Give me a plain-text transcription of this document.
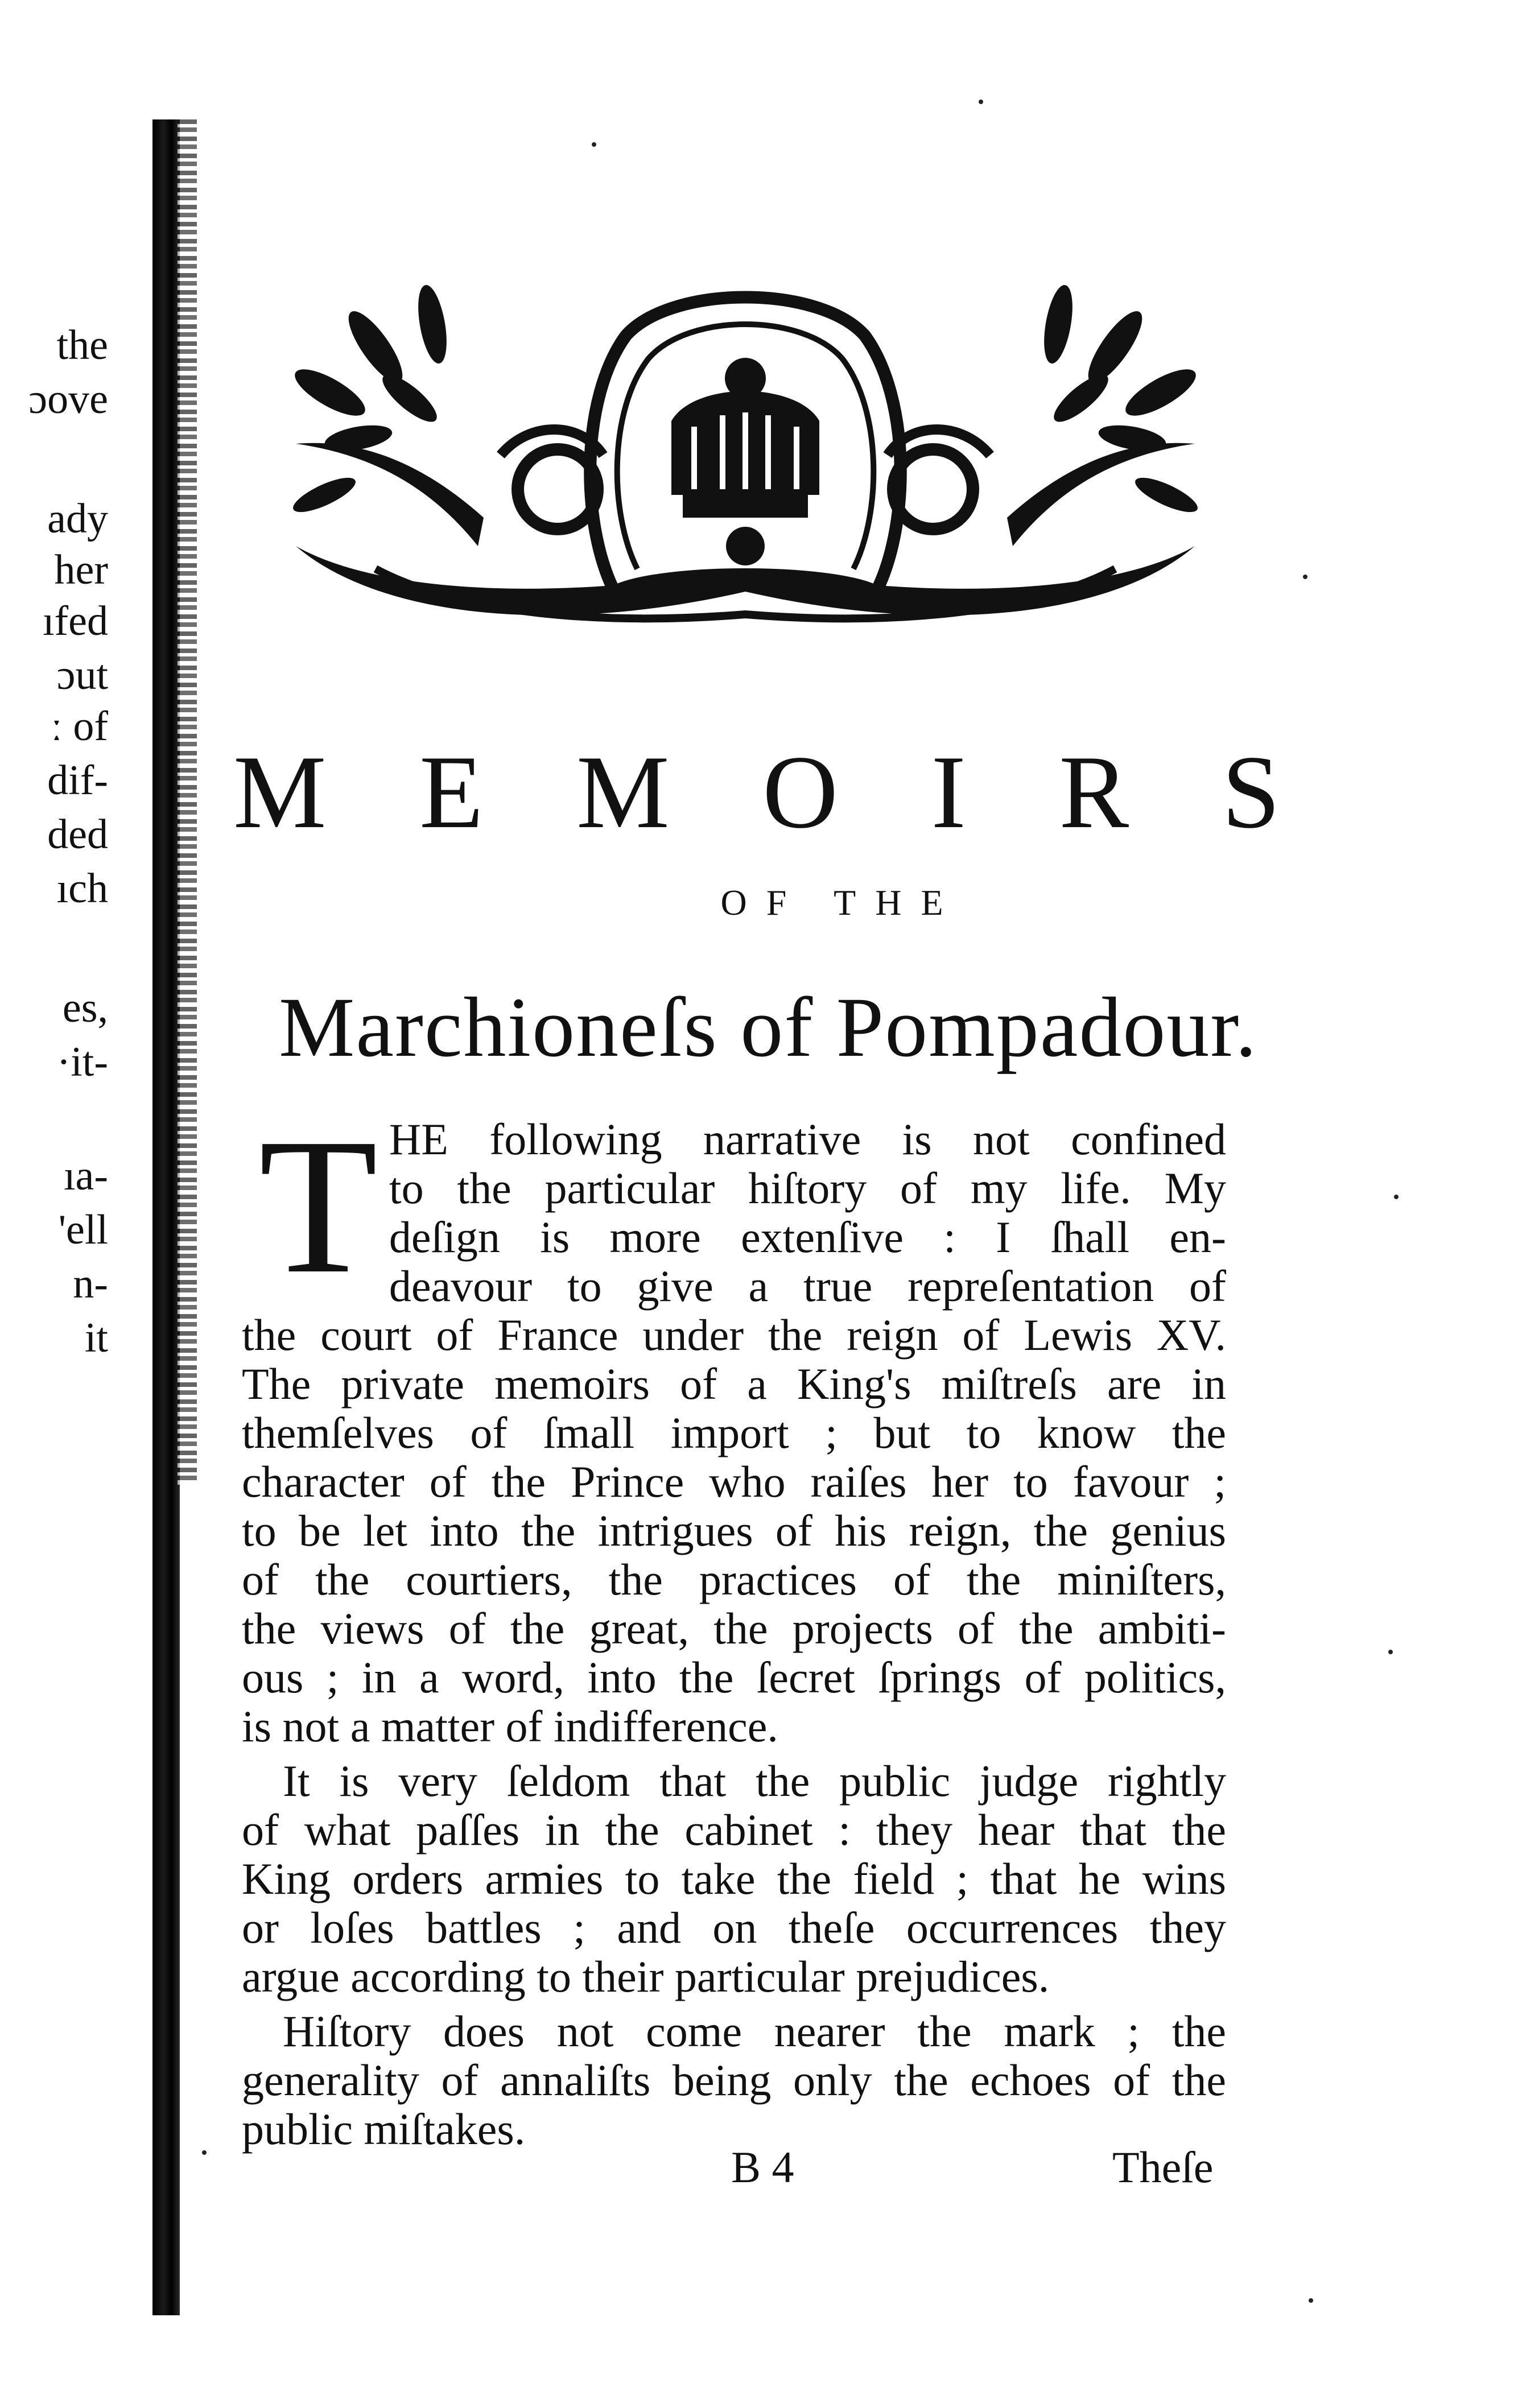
the
ɔove
ady
her
ıfed
ɔut
ː of
dif-
ded
ıch
es,
·it-
ıa-
'ell
n-
it
M E M O I R S
OF THE
Marchioneſs of Pompadour.
T HE following narrative is not confined
to the particular hiſtory of my life. My
deſign is more extenſive : I ſhall en-
deavour to give a true repreſentation of
the court of France under the reign of Lewis XV.
The private memoirs of a King's miſtreſs are in
themſelves of ſmall import ; but to know the
character of the Prince who raiſes her to favour ;
to be let into the intrigues of his reign, the genius
of the courtiers, the practices of the miniſters,
the views of the great, the projects of the ambiti-
ous ; in a word, into the ſecret ſprings of politics,
is not a matter of indifference.
It is very ſeldom that the public judge rightly
of what paſſes in the cabinet : they hear that the
King orders armies to take the field ; that he wins
or loſes battles ; and on theſe occurrences they
argue according to their particular prejudices.
Hiſtory does not come nearer the mark ; the
generality of annaliſts being only the echoes of the
public miſtakes.
B 4	Theſe
